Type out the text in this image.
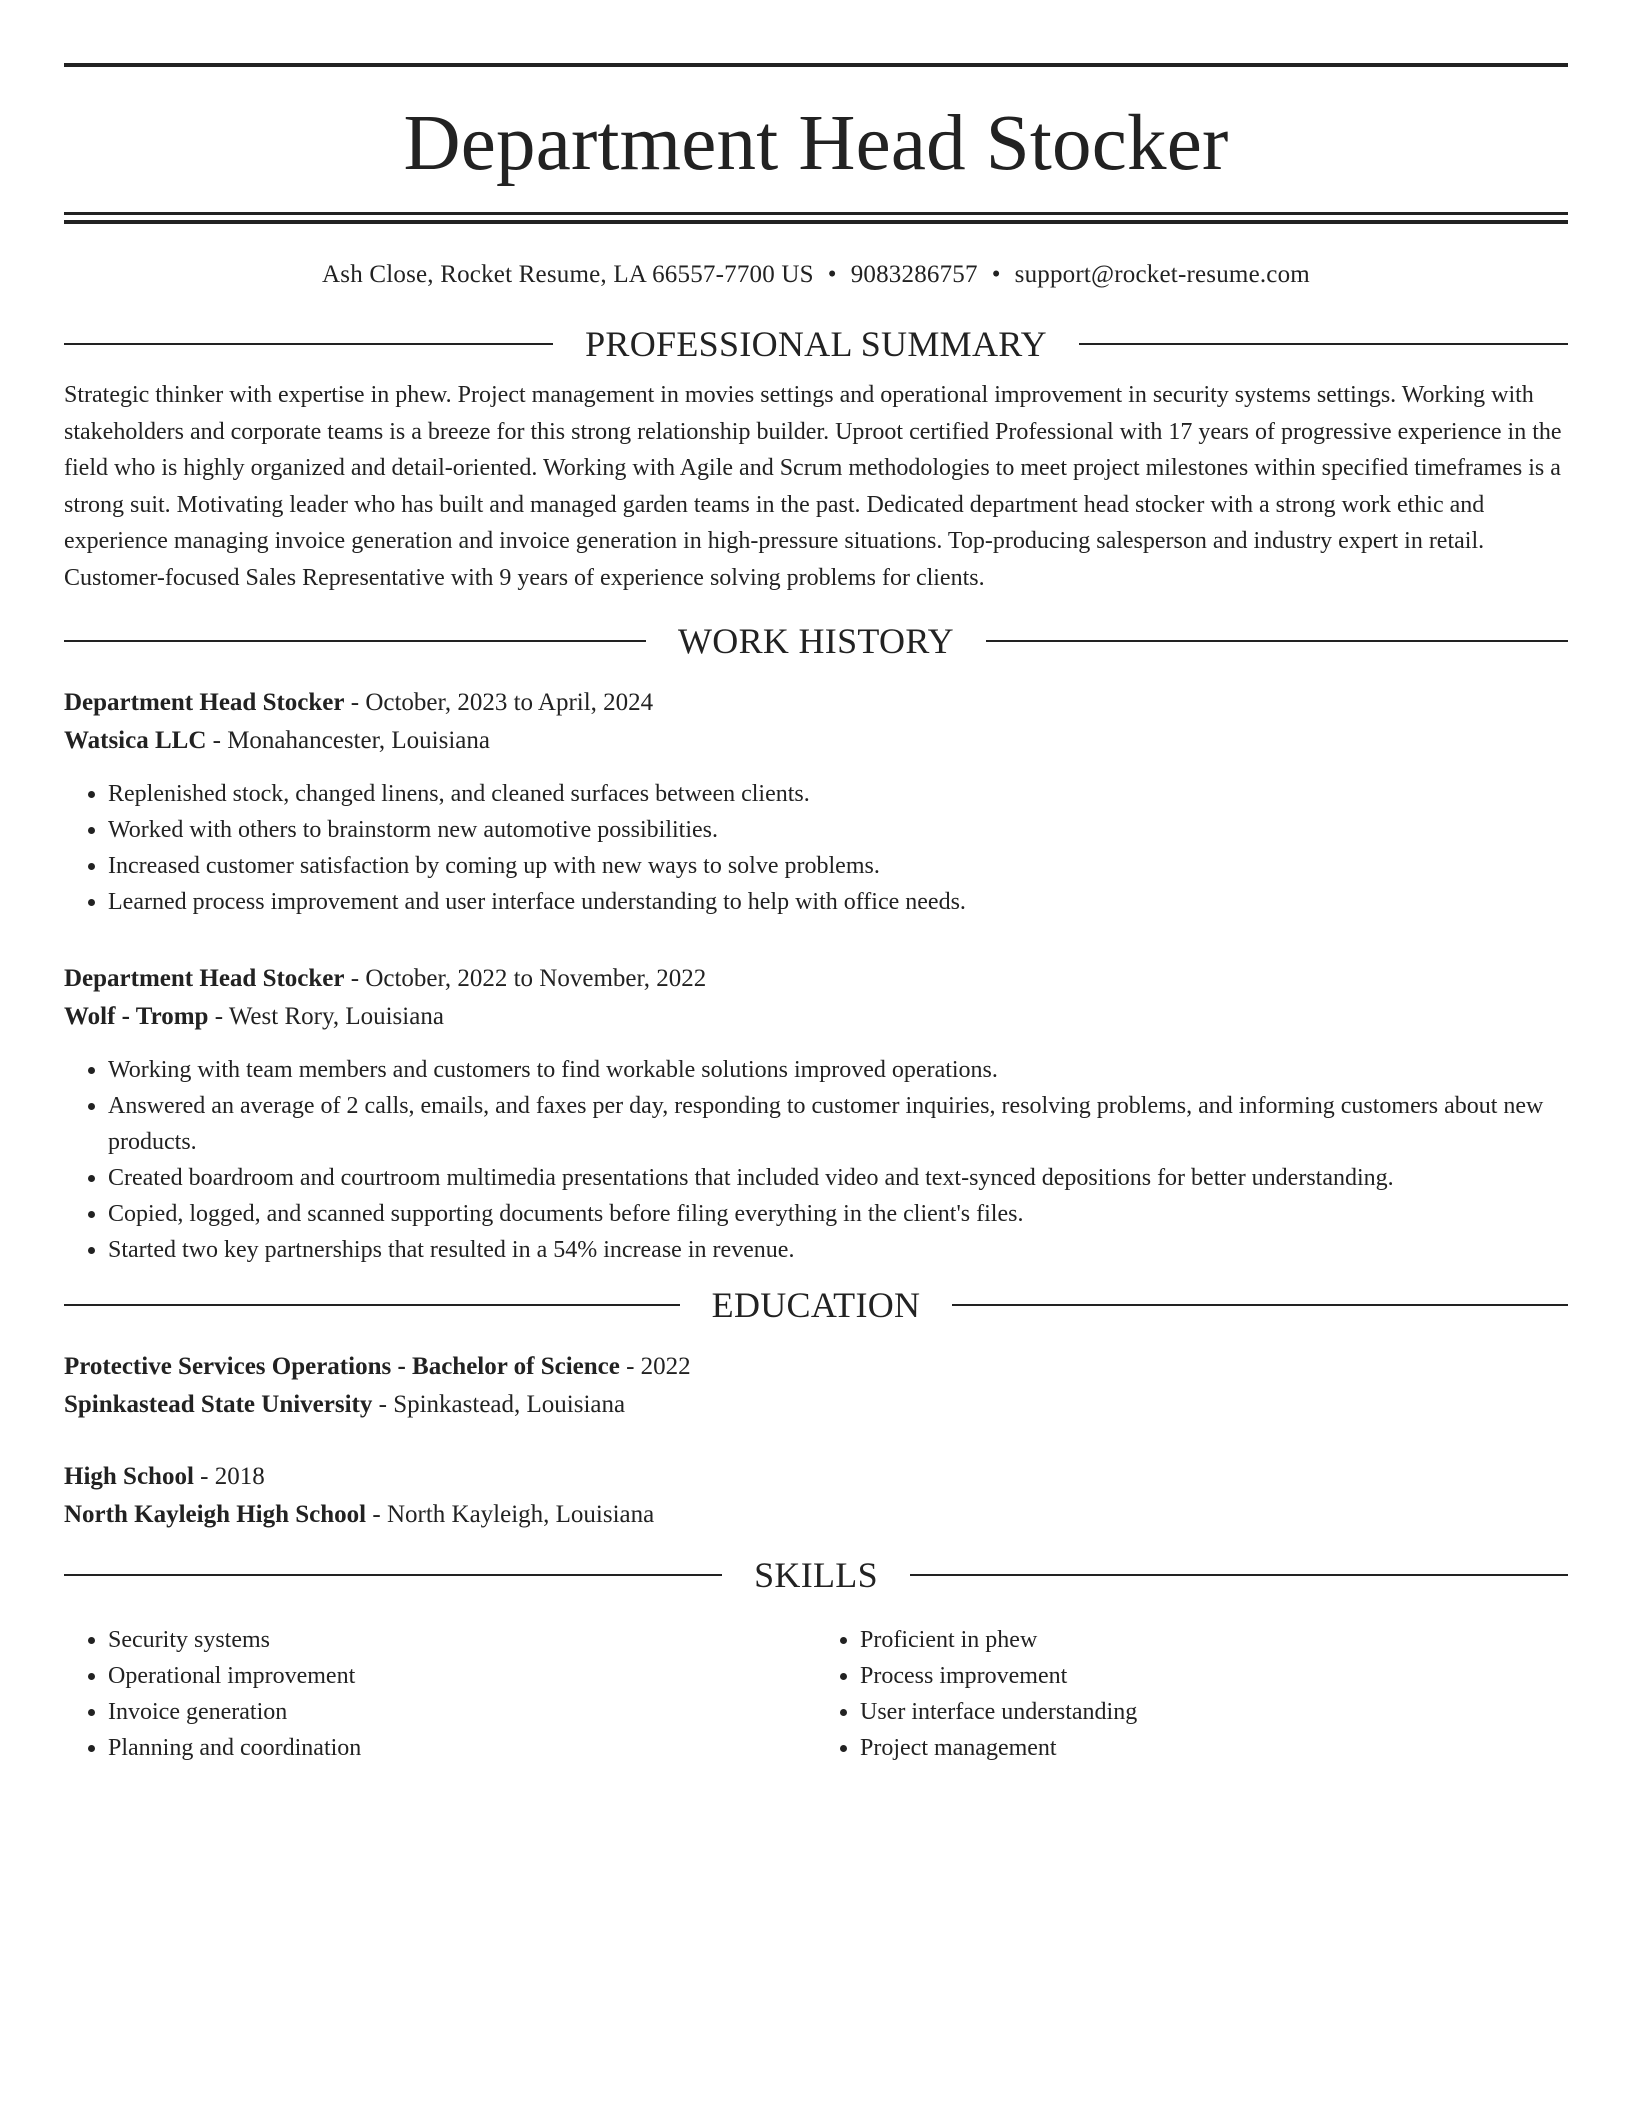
Department Head Stocker
Ash Close, Rocket Resume, LA 66557-7700 US • 9083286757 • support@rocket-resume.com
PROFESSIONAL SUMMARY

Strategic thinker with expertise in phew. Project management in movies settings and operational improvement in security systems settings. Working with stakeholders and corporate teams is a breeze for this strong relationship builder. Uproot certified Professional with 17 years of progressive experience in the field who is highly organized and detail-oriented. Working with Agile and Scrum methodologies to meet project milestones within specified timeframes is a strong suit. Motivating leader who has built and managed garden teams in the past. Dedicated department head stocker with a strong work ethic and experience managing invoice generation and invoice generation in high-pressure situations. Top-producing salesperson and industry expert in retail. Customer-focused Sales Representative with 9 years of experience solving problems for clients.

WORK HISTORY
Department Head Stocker - October, 2023 to April, 2024
Watsica LLC - Monahancester, Louisiana
• Replenished stock, changed linens, and cleaned surfaces between clients.
• Worked with others to brainstorm new automotive possibilities.
• Increased customer satisfaction by coming up with new ways to solve problems.
• Learned process improvement and user interface understanding to help with office needs.
Department Head Stocker - October, 2022 to November, 2022
Wolf - Tromp - West Rory, Louisiana
• Working with team members and customers to find workable solutions improved operations.
• Answered an average of 2 calls, emails, and faxes per day, responding to customer inquiries, resolving problems, and informing customers about new products.
• Created boardroom and courtroom multimedia presentations that included video and text-synced depositions for better understanding.
• Copied, logged, and scanned supporting documents before filing everything in the client's files.
• Started two key partnerships that resulted in a 54% increase in revenue.
EDUCATION
Protective Services Operations - Bachelor of Science - 2022
Spinkastead State University - Spinkastead, Louisiana
High School - 2018
North Kayleigh High School - North Kayleigh, Louisiana
SKILLS
• Security systems
• Operational improvement
• Invoice generation
• Planning and coordination
• Proficient in phew
• Process improvement
• User interface understanding
• Project management
